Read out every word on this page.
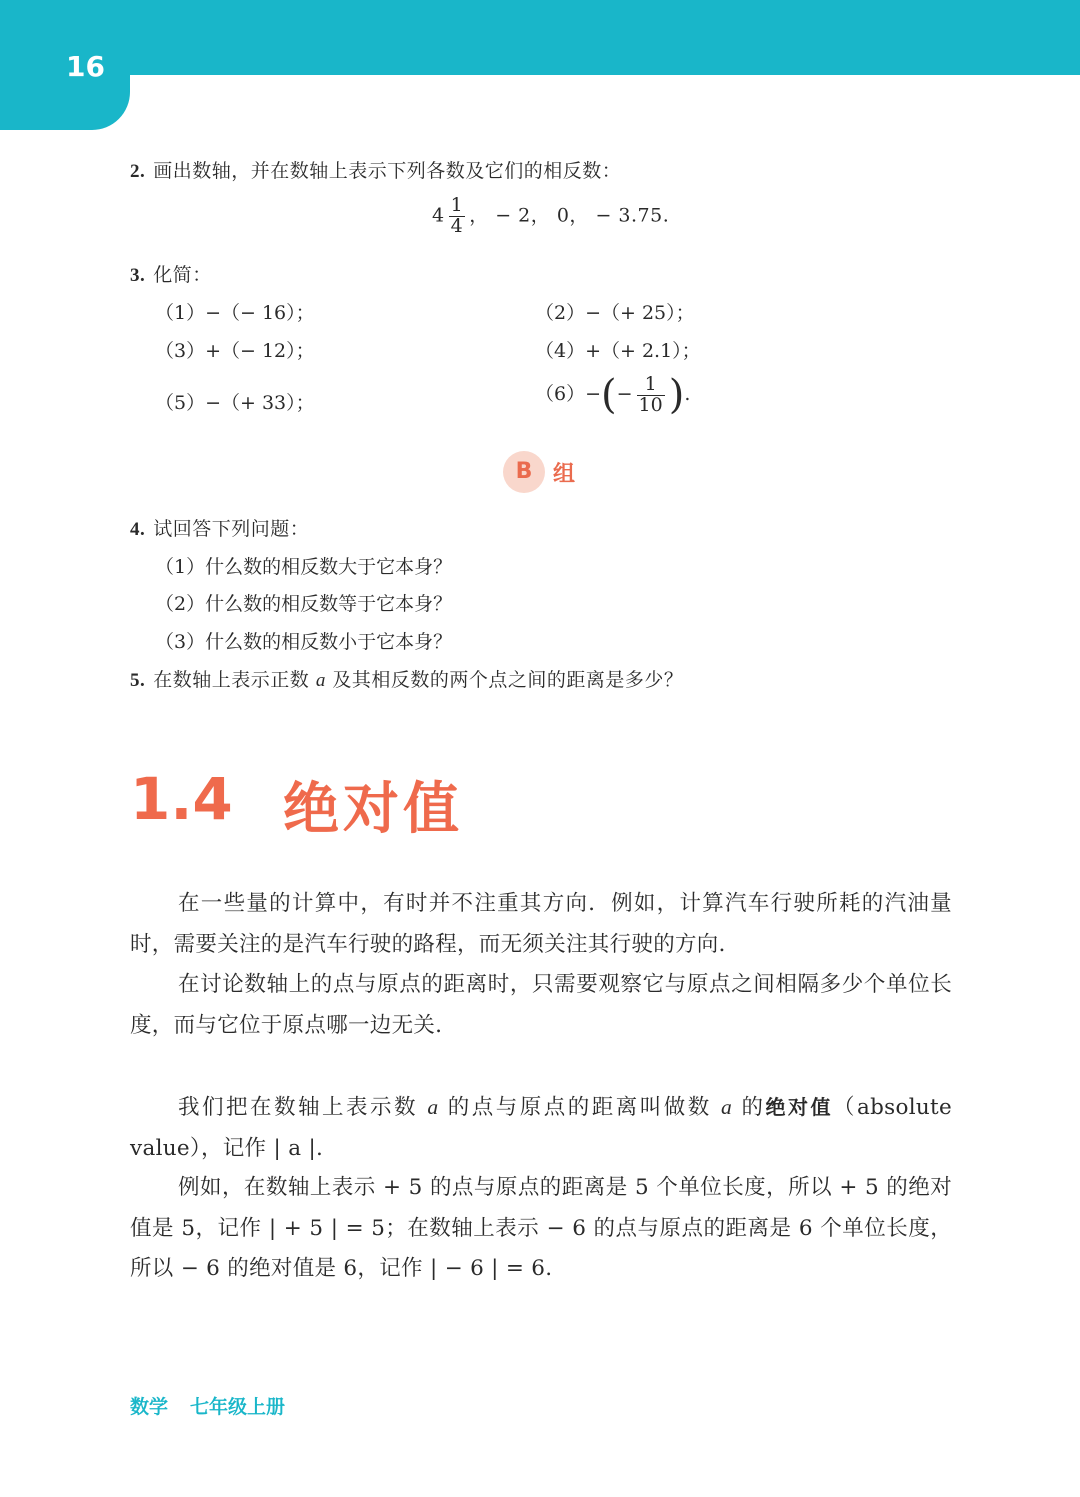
16
2. 画出数轴，并在数轴上表示下列各数及它们的相反数：
$4 \frac{1}{4}$ ， − 2， 0， − 3.75.
3. 化简：
（1）−（− 16）；	（2）−（+ 25）；
（3）+（− 12）；	（4）+（+ 2.1）；
（5）−（+ 33）；	$(6)-(- \frac{1}{10}$ ).
B 组
4. 试回答下列问题：
（1）什么数的相反数大于它本身？
（2）什么数的相反数等于它本身？
（3）什么数的相反数小于它本身？
5. 在数轴上表示正数 a 及其相反数的两个点之间的距离是多少？
1.4 绝对值
在一些量的计算中，有时并不注重其方向．例如，计算汽车行驶所耗的汽油量时，需要关注的是汽车行驶的路程，而无须关注其行驶的方向．
在讨论数轴上的点与原点的距离时，只需要观察它与原点之间相隔多少个单位长度，而与它位于原点哪一边无关．
我们把在数轴上表示数 a 的点与原点的距离叫做数 a 的绝对值（absolute value），记作 | a |.
例如，在数轴上表示 + 5 的点与原点的距离是 5 个单位长度，所以 + 5 的绝对值是 5，记作 | + 5 | = 5；在数轴上表示 − 6 的点与原点的距离是 6 个单位长度，所以 − 6 的绝对值是 6，记作 | − 6 | = 6.
数学 七年级上册
